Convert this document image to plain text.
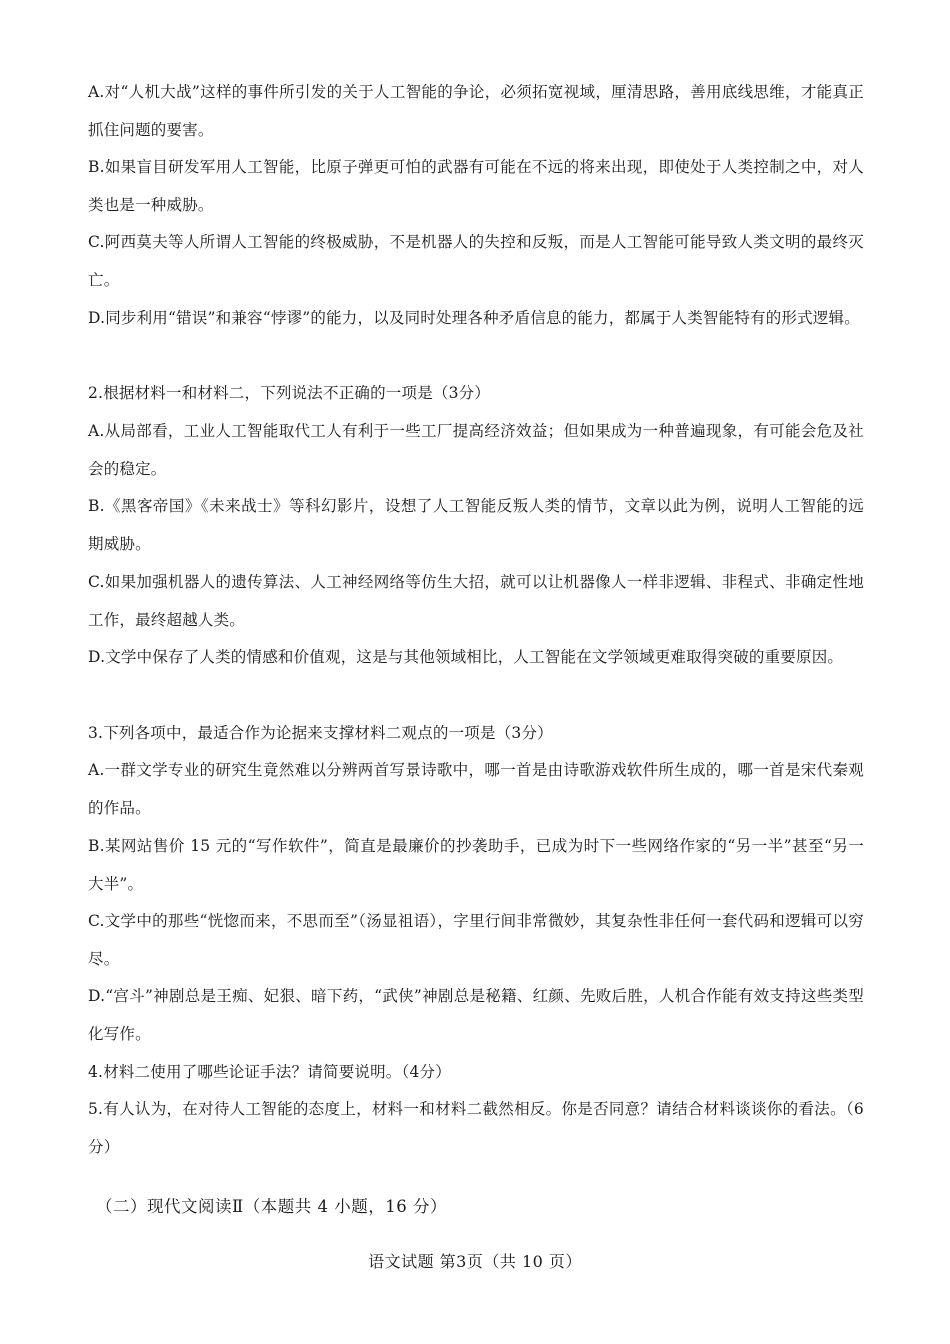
A.对“人机大战”这样的事件所引发的关于人工智能的争论，必须拓宽视域，厘清思路，善用底线思维，才能真正抓住问题的要害。
B.如果盲目研发军用人工智能，比原子弹更可怕的武器有可能在不远的将来出现，即使处于人类控制之中，对人类也是一种威胁。
C.阿西莫夫等人所谓人工智能的终极威胁，不是机器人的失控和反叛，而是人工智能可能导致人类文明的最终灭亡。
D.同步利用“错误”和兼容“悖谬”的能力，以及同时处理各种矛盾信息的能力，都属于人类智能特有的形式逻辑。
2.根据材料一和材料二，下列说法不正确的一项是（3分）
A.从局部看，工业人工智能取代工人有利于一些工厂提高经济效益；但如果成为一种普遍现象，有可能会危及社会的稳定。
B.《黑客帝国》《未来战士》等科幻影片，设想了人工智能反叛人类的情节，文章以此为例，说明人工智能的远期威胁。
C.如果加强机器人的遗传算法、人工神经网络等仿生大招，就可以让机器像人一样非逻辑、非程式、非确定性地工作，最终超越人类。
D.文学中保存了人类的情感和价值观，这是与其他领域相比，人工智能在文学领域更难取得突破的重要原因。
3.下列各项中，最适合作为论据来支撑材料二观点的一项是（3分）
A.一群文学专业的研究生竟然难以分辨两首写景诗歌中，哪一首是由诗歌游戏软件所生成的，哪一首是宋代秦观的作品。
B.某网站售价 15 元的“写作软件”，简直是最廉价的抄袭助手，已成为时下一些网络作家的“另一半”甚至“另一大半”。
C.文学中的那些“恍惚而来，不思而至”（汤显祖语），字里行间非常微妙，其复杂性非任何一套代码和逻辑可以穷尽。
D.“宫斗”神剧总是王痴、妃狠、暗下药，“武侠”神剧总是秘籍、红颜、先败后胜，人机合作能有效支持这些类型化写作。
4.材料二使用了哪些论证手法？请简要说明。（4分）
5.有人认为，在对待人工智能的态度上，材料一和材料二截然相反。你是否同意？请结合材料谈谈你的看法。（6分）
（二）现代文阅读Ⅱ（本题共 4 小题，16 分）
语文试题 第3页（共 10 页）
